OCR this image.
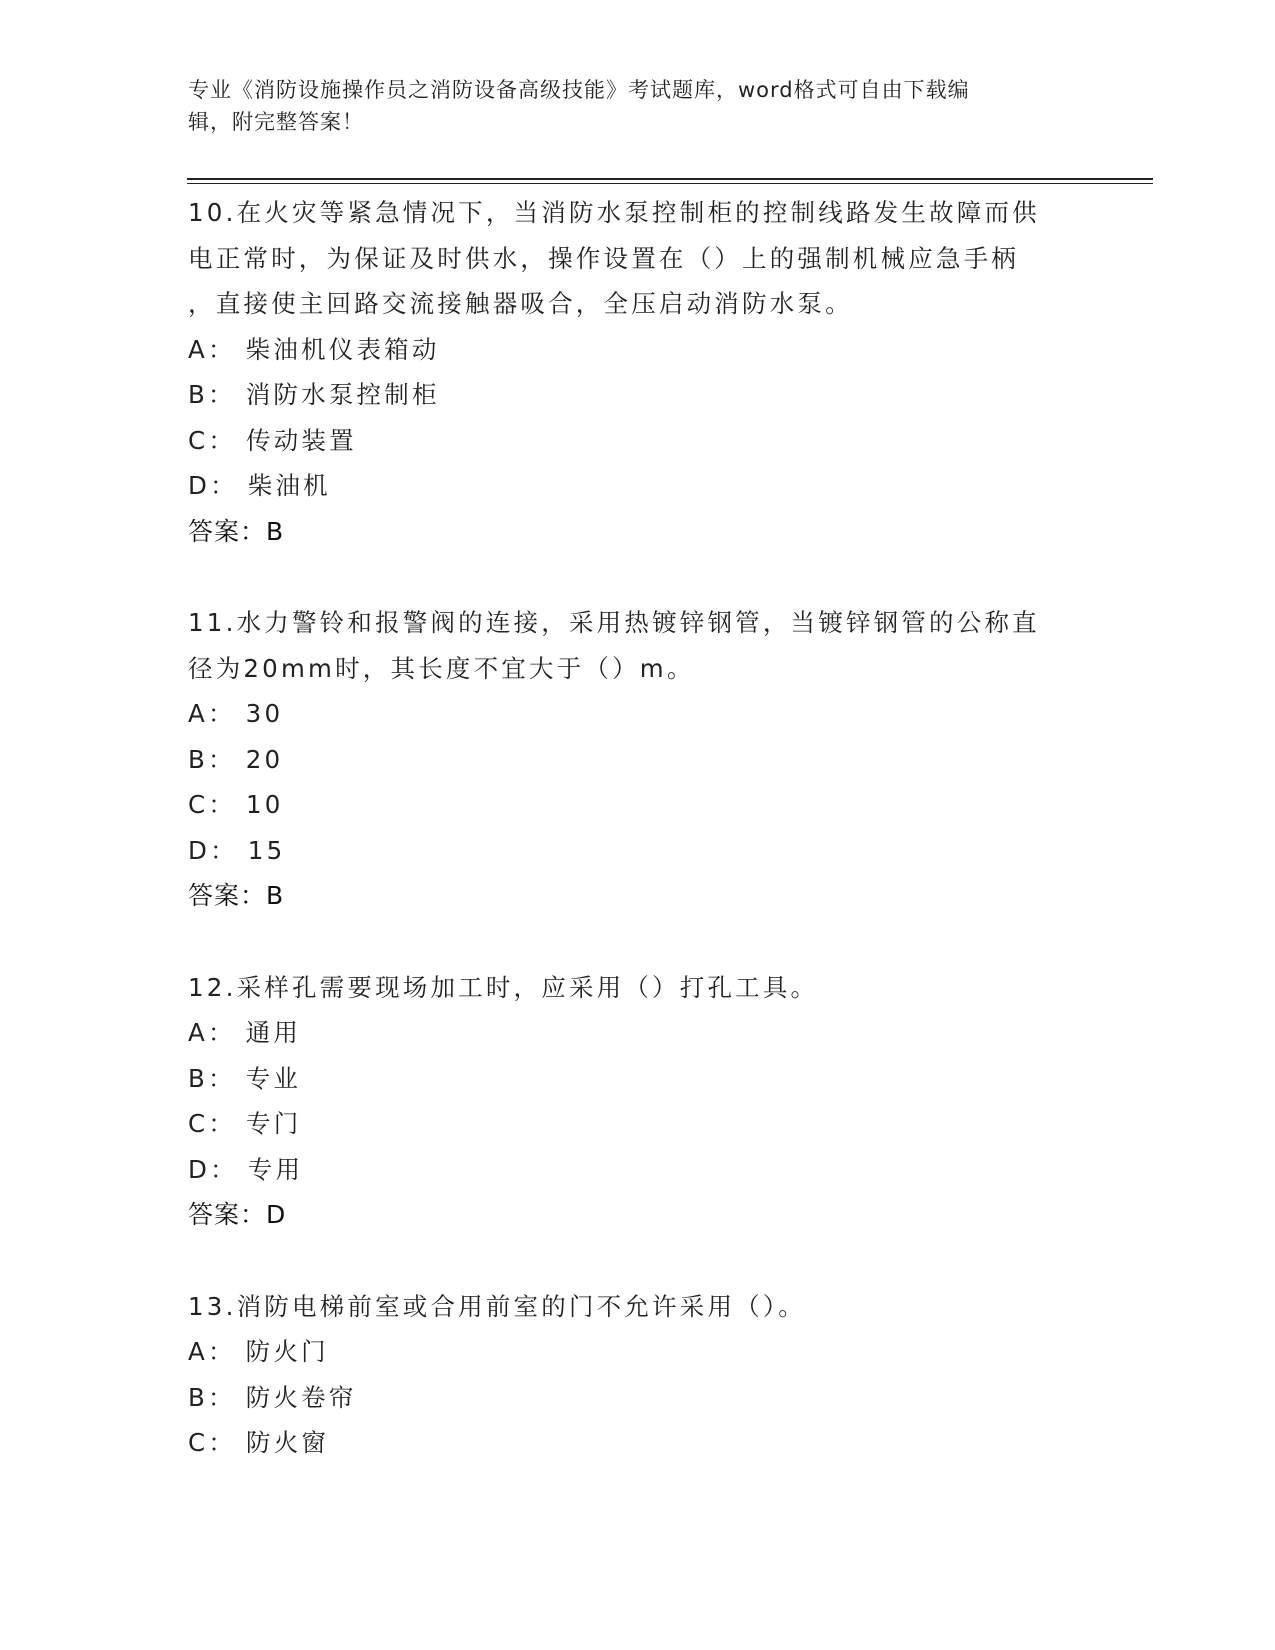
专业《消防设施操作员之消防设备高级技能》考试题库，word格式可自由下载编
辑，附完整答案！

10.在火灾等紧急情况下，当消防水泵控制柜的控制线路发生故障而供

电正常时，为保证及时供水，操作设置在（）上的强制机械应急手柄

，直接使主回路交流接触器吸合，全压启动消防水泵。

A： 柴油机仪表箱动

B： 消防水泵控制柜

C： 传动装置

D： 柴油机

答案：B

11.水力警铃和报警阀的连接，采用热镀锌钢管，当镀锌钢管的公称直

径为20mm时，其长度不宜大于（）m。

A： 30

B： 20

C： 10

D： 15

答案：B

12.采样孔需要现场加工时，应采用（）打孔工具。

A： 通用

B： 专业

C： 专门

D： 专用

答案：D

13.消防电梯前室或合用前室的门不允许采用（）。

A： 防火门

B： 防火卷帘

C： 防火窗
